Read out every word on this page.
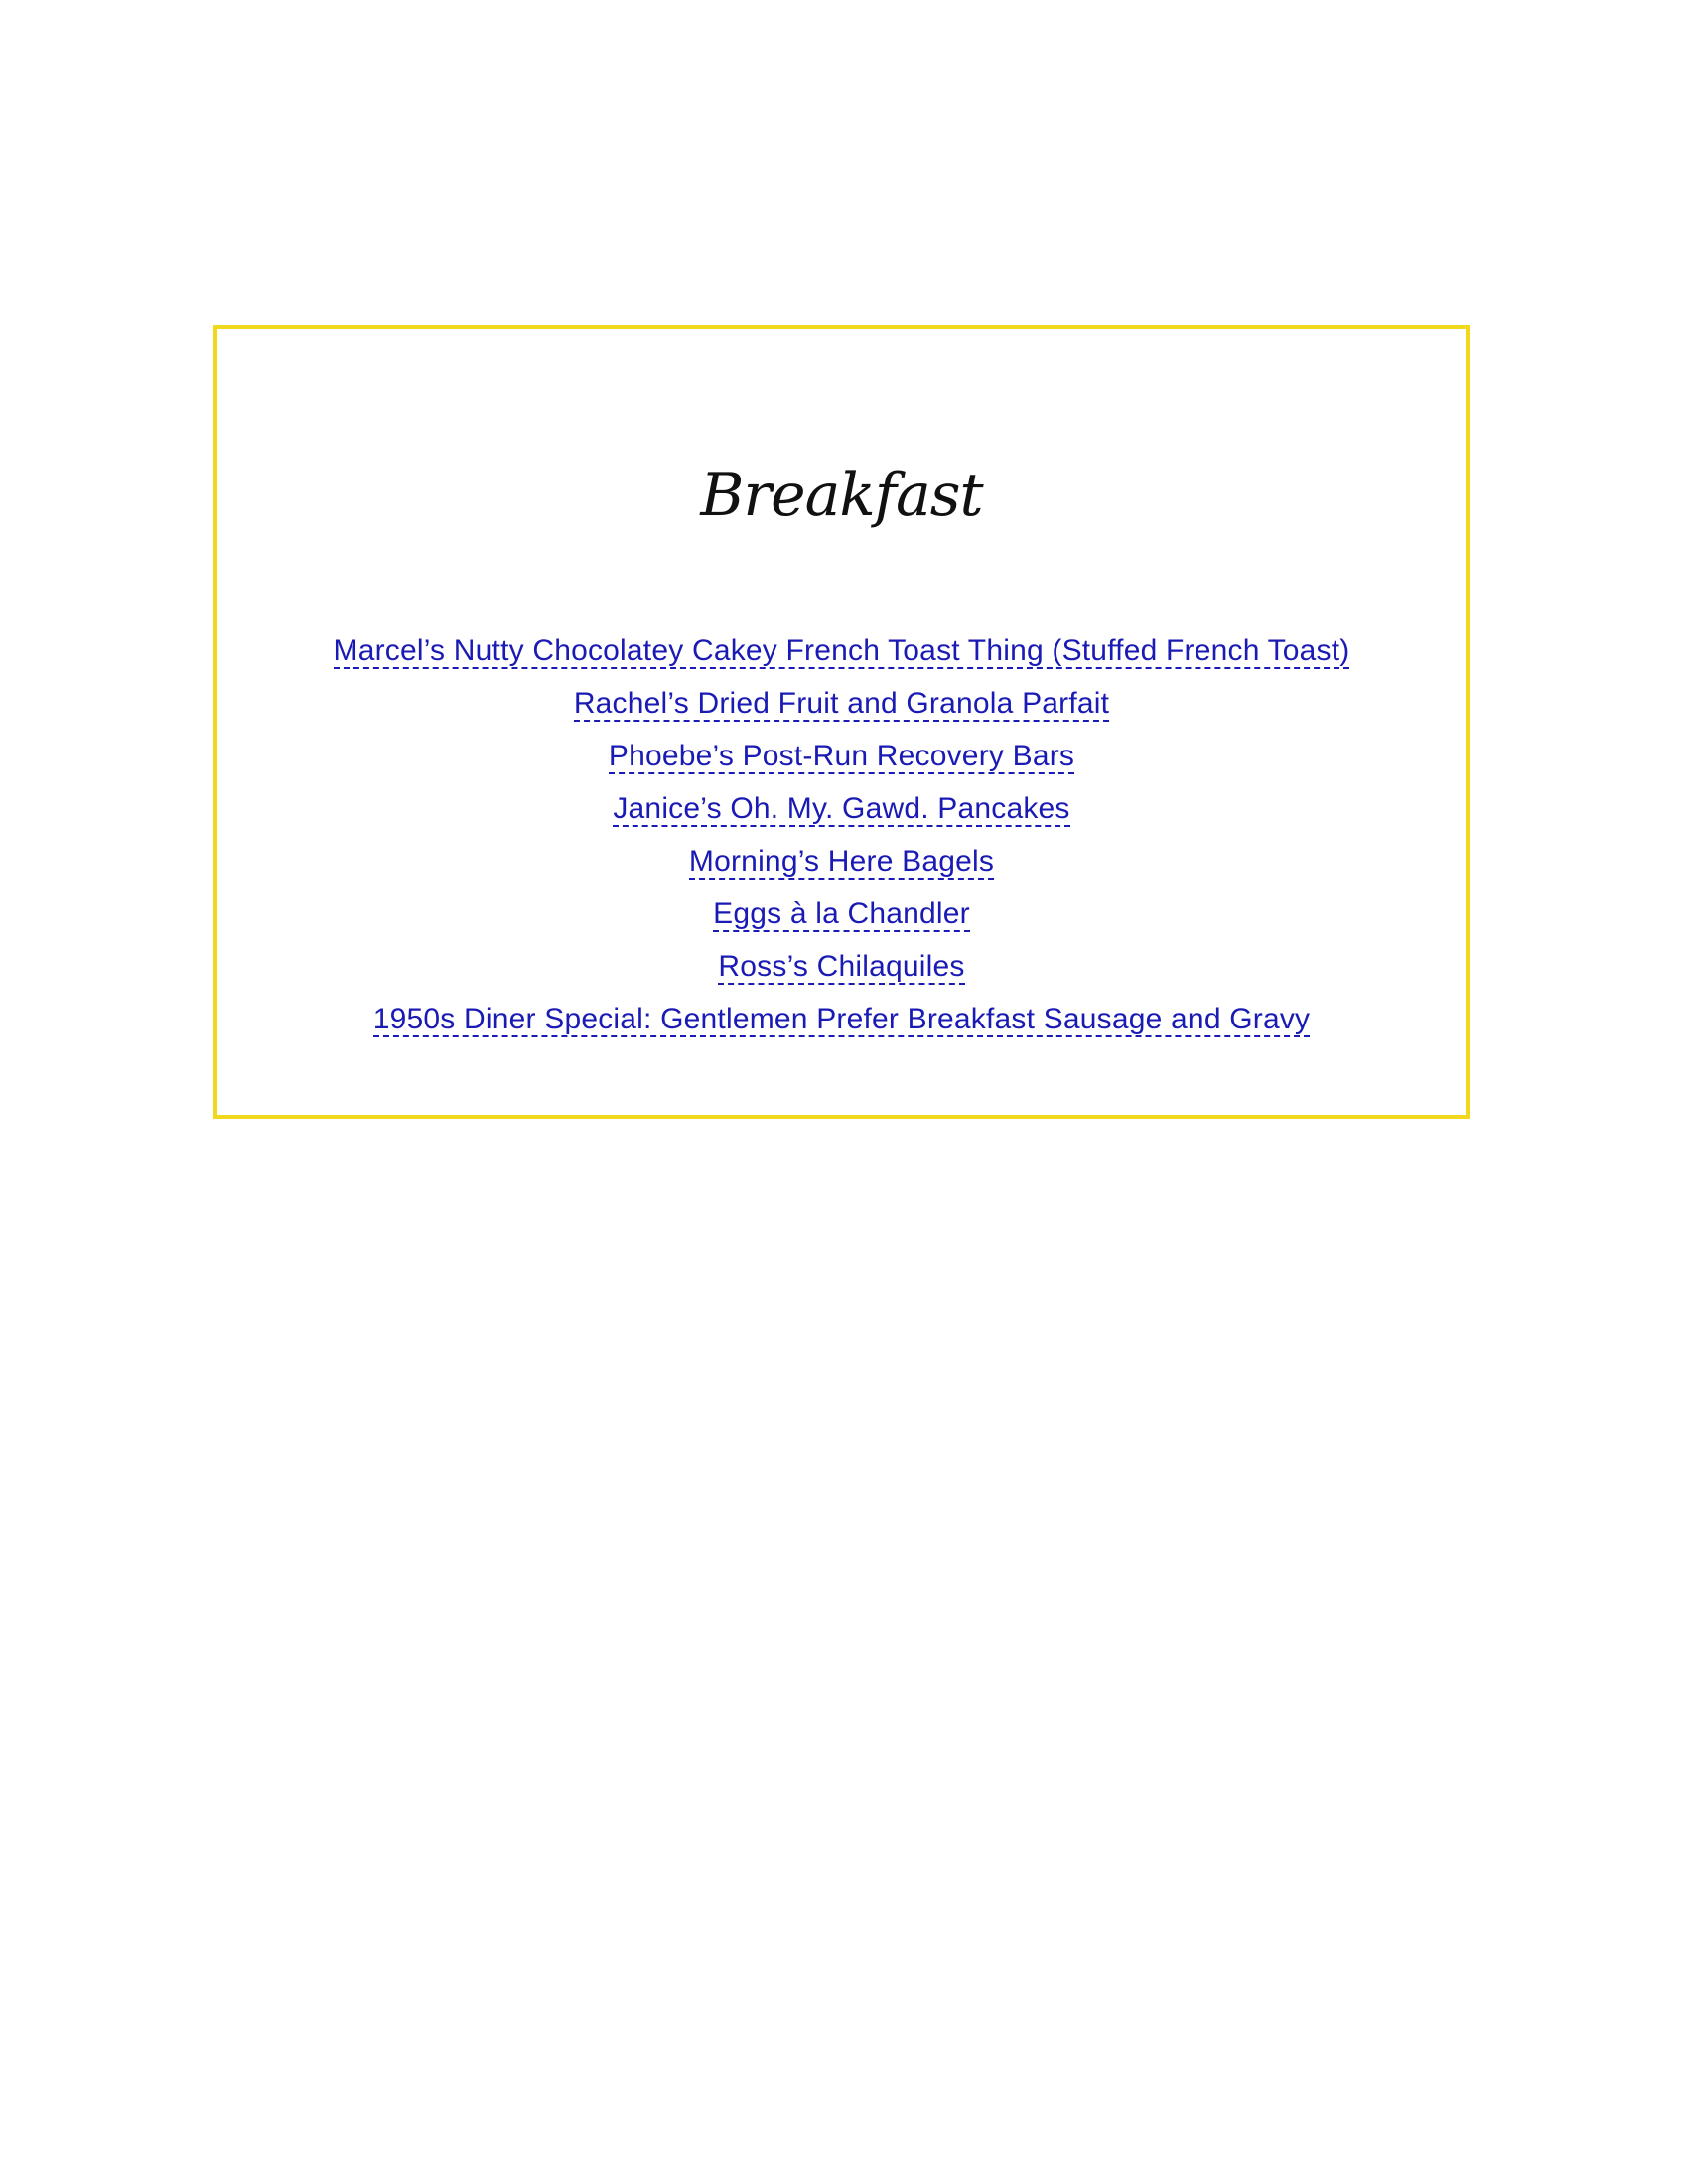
Breakfast
Marcel’s Nutty Chocolatey Cakey French Toast Thing (Stuffed French Toast)
Rachel’s Dried Fruit and Granola Parfait
Phoebe’s Post-Run Recovery Bars
Janice’s Oh. My. Gawd. Pancakes
Morning’s Here Bagels
Eggs à la Chandler
Ross’s Chilaquiles
1950s Diner Special: Gentlemen Prefer Breakfast Sausage and Gravy
